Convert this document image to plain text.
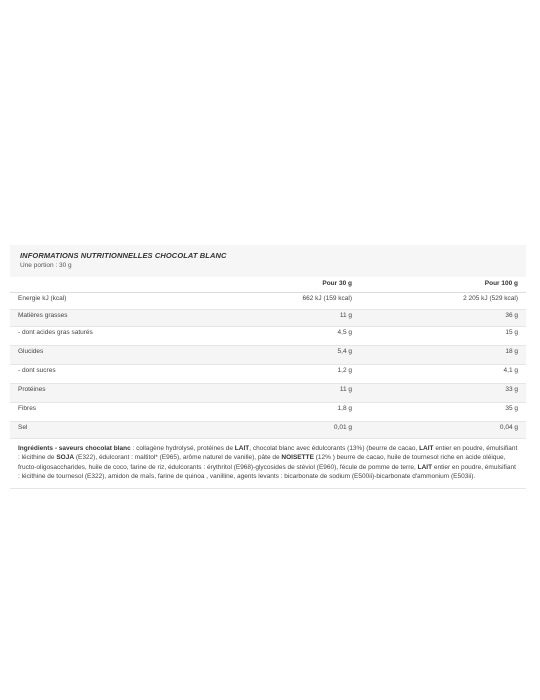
INFORMATIONS NUTRITIONNELLES CHOCOLAT BLANC
Une portion : 30 g
	Pour 30 g	Pour 100 g
Energie kJ (kcal)	662 kJ (159 kcal)	2 205 kJ (529 kcal)
Matières grasses	11 g	36 g
- dont acides gras saturés	4,5 g	15 g
Glucides	5,4 g	18 g
- dont sucres	1,2 g	4,1 g
Protéines	11 g	33 g
Fibres	1,8 g	35 g
Sel	0,01 g	0,04 g
Ingrédients - saveurs chocolat blanc : collagène hydrolysé, protéines de LAIT, chocolat blanc avec édulcorants (13%) (beurre de cacao, LAIT entier en poudre, émulsifiant : lécithine de SOJA (E322), édulcorant : maltitol* (E965), arôme naturel de vanille), pâte de NOISETTE (12% ) beurre de cacao, huile de tournesol riche en acide oléique, fructo-oligosaccharides, huile de coco, farine de riz, édulcorants : érythritol (E968)-glycosides de stéviol (E960), fécule de pomme de terre, LAIT entier en poudre, émulsifiant : lécithine de tournesol (E322), amidon de maïs, farine de quinoa , vanilline, agents levants : bicarbonate de sodium (E500ii)-bicarbonate d'ammonium (E503ii).
